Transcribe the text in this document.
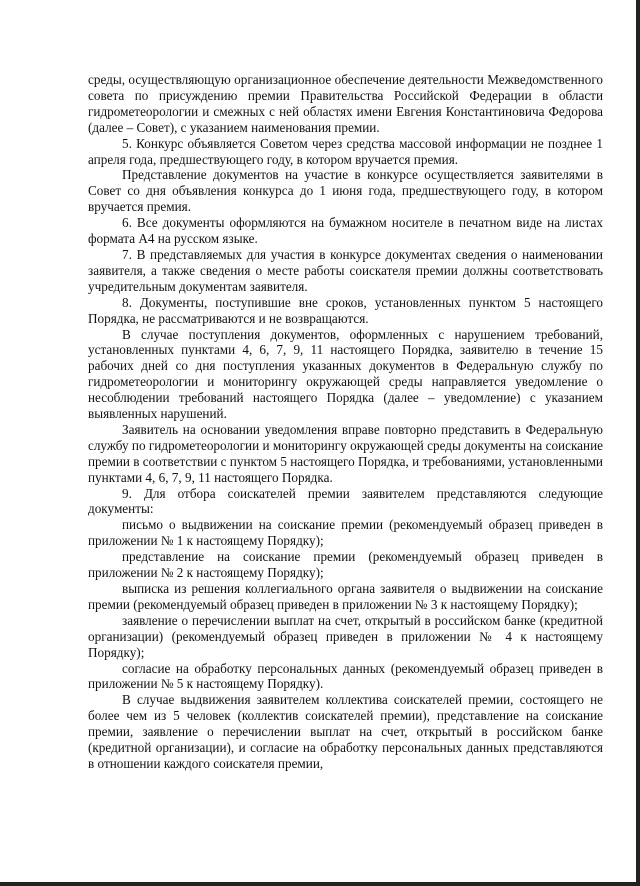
среды, осуществляющую организационное обеспечение деятельности Межведомственного совета по присуждению премии Правительства Российской Федерации в области гидрометеорологии и смежных с ней областях имени Евгения Константиновича Федорова (далее – Совет), с указанием наименования премии.

5. Конкурс объявляется Советом через средства массовой информации не позднее 1 апреля года, предшествующего году, в котором вручается премия.

Представление документов на участие в конкурсе осуществляется заявителями в Совет со дня объявления конкурса до 1 июня года, предшествующего году, в котором вручается премия.

6. Все документы оформляются на бумажном носителе в печатном виде на листах формата А4 на русском языке.

7. В представляемых для участия в конкурсе документах сведения о наименовании заявителя, а также сведения о месте работы соискателя премии должны соответствовать учредительным документам заявителя.

8. Документы, поступившие вне сроков, установленных пунктом 5 настоящего Порядка, не рассматриваются и не возвращаются.

В случае поступления документов, оформленных с нарушением требований, установленных пунктами 4, 6, 7, 9, 11 настоящего Порядка, заявителю в течение 15 рабочих дней со дня поступления указанных документов в Федеральную службу по гидрометеорологии и мониторингу окружающей среды направляется уведомление о несоблюдении требований настоящего Порядка (далее – уведомление) с указанием выявленных нарушений.

Заявитель на основании уведомления вправе повторно представить в Федеральную службу по гидрометеорологии и мониторингу окружающей среды документы на соискание премии в соответствии с пунктом 5 настоящего Порядка, и требованиями, установленными пунктами 4, 6, 7, 9, 11 настоящего Порядка.

9. Для отбора соискателей премии заявителем представляются следующие документы:

письмо о выдвижении на соискание премии (рекомендуемый образец приведен в приложении № 1 к настоящему Порядку);

представление на соискание премии (рекомендуемый образец приведен в приложении № 2 к настоящему Порядку);

выписка из решения коллегиального органа заявителя о выдвижении на соискание премии (рекомендуемый образец приведен в приложении № 3 к настоящему Порядку);

заявление о перечислении выплат на счет, открытый в российском банке (кредитной организации) (рекомендуемый образец приведен в приложении № 4 к настоящему Порядку);

согласие на обработку персональных данных (рекомендуемый образец приведен в приложении № 5 к настоящему Порядку).

В случае выдвижения заявителем коллектива соискателей премии, состоящего не более чем из 5 человек (коллектив соискателей премии), представление на соискание премии, заявление о перечислении выплат на счет, открытый в российском банке (кредитной организации), и согласие на обработку персональных данных представляются в отношении каждого соискателя премии,
